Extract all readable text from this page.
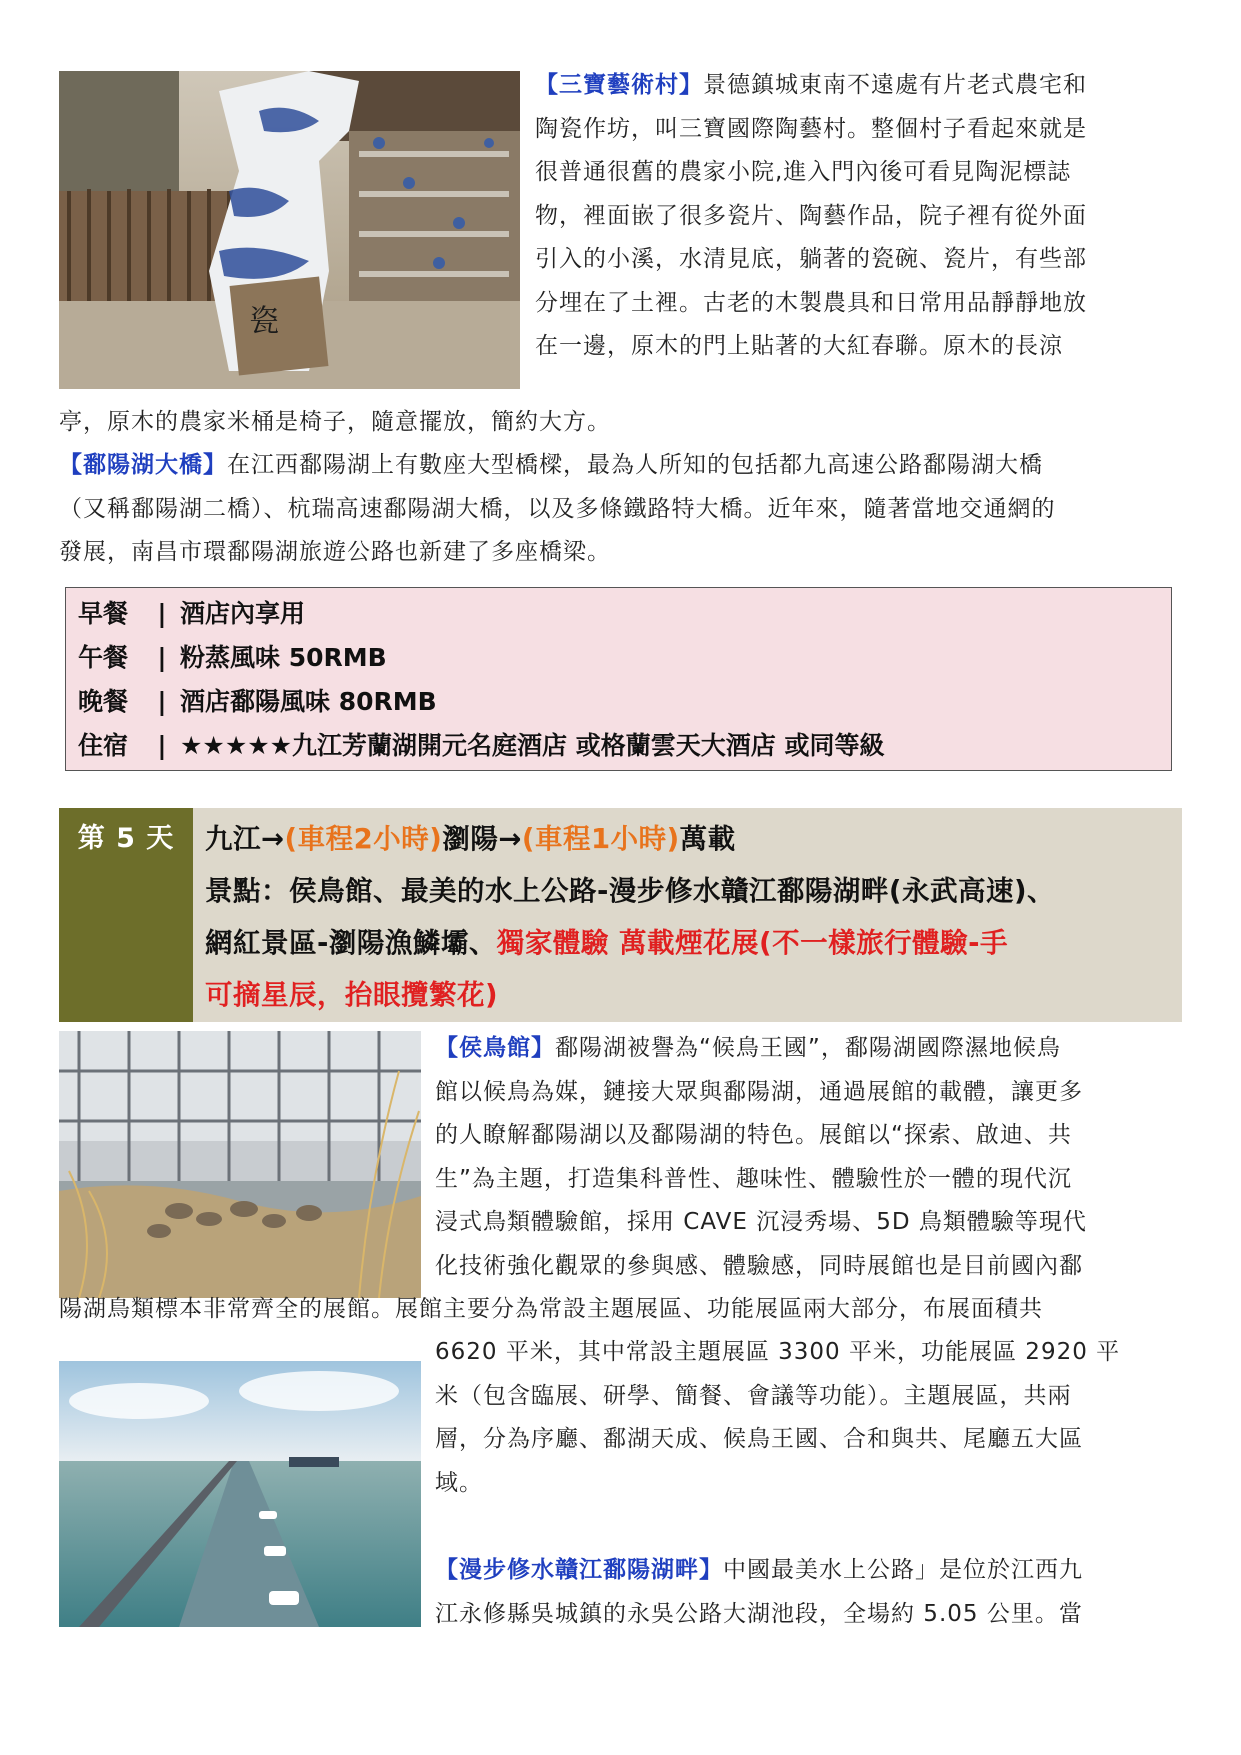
瓷
【三寶藝術村】景德鎮城東南不遠處有片老式農宅和
陶瓷作坊，叫三寶國際陶藝村。整個村子看起來就是
很普通很舊的農家小院,進入門內後可看見陶泥標誌
物，裡面嵌了很多瓷片、陶藝作品，院子裡有從外面
引入的小溪，水清見底，躺著的瓷碗、瓷片，有些部
分埋在了土裡。古老的木製農具和日常用品靜靜地放
在一邊，原木的門上貼著的大紅春聯。原木的長涼
亭，原木的農家米桶是椅子，隨意擺放，簡約大方。
【鄱陽湖大橋】在江西鄱陽湖上有數座大型橋樑，最為人所知的包括都九高速公路鄱陽湖大橋
（又稱鄱陽湖二橋）、杭瑞高速鄱陽湖大橋，以及多條鐵路特大橋。近年來，隨著當地交通網的
發展，南昌市環鄱陽湖旅遊公路也新建了多座橋梁。
早餐 | 酒店內享用
午餐 | 粉蒸風味 50RMB
晚餐 | 酒店鄱陽風味 80RMB
住宿 | ★★★★★九江芳蘭湖開元名庭酒店 或格蘭雲天大酒店 或同等級
第 5 天	九江→(車程2小時)瀏陽→(車程1小時)萬載
景點：侯鳥館、最美的水上公路-漫步修水贛江鄱陽湖畔(永武高速)、
網紅景區-瀏陽漁鱗壩、獨家體驗 萬載煙花展(不一樣旅行體驗-手
可摘星辰，抬眼攬繁花)
【侯鳥館】鄱陽湖被譽為“候鳥王國”，鄱陽湖國際濕地候鳥
館以候鳥為媒，鏈接大眾與鄱陽湖，通過展館的載體，讓更多
的人瞭解鄱陽湖以及鄱陽湖的特色。展館以“探索、啟迪、共
生”為主題，打造集科普性、趣味性、體驗性於一體的現代沉
浸式鳥類體驗館，採用 CAVE 沉浸秀場、5D 鳥類體驗等現代
化技術強化觀眾的參與感、體驗感，同時展館也是目前國內鄱
陽湖鳥類標本非常齊全的展館。展館主要分為常設主題展區、功能展區兩大部分，布展面積共
6620 平米，其中常設主題展區 3300 平米，功能展區 2920 平
米（包含臨展、研學、簡餐、會議等功能）。主題展區，共兩
層，分為序廳、鄱湖天成、候鳥王國、合和與共、尾廳五大區
域。
【漫步修水贛江鄱陽湖畔】中國最美水上公路」是位於江西九
江永修縣吳城鎮的永吳公路大湖池段，全場約 5.05 公里。當
